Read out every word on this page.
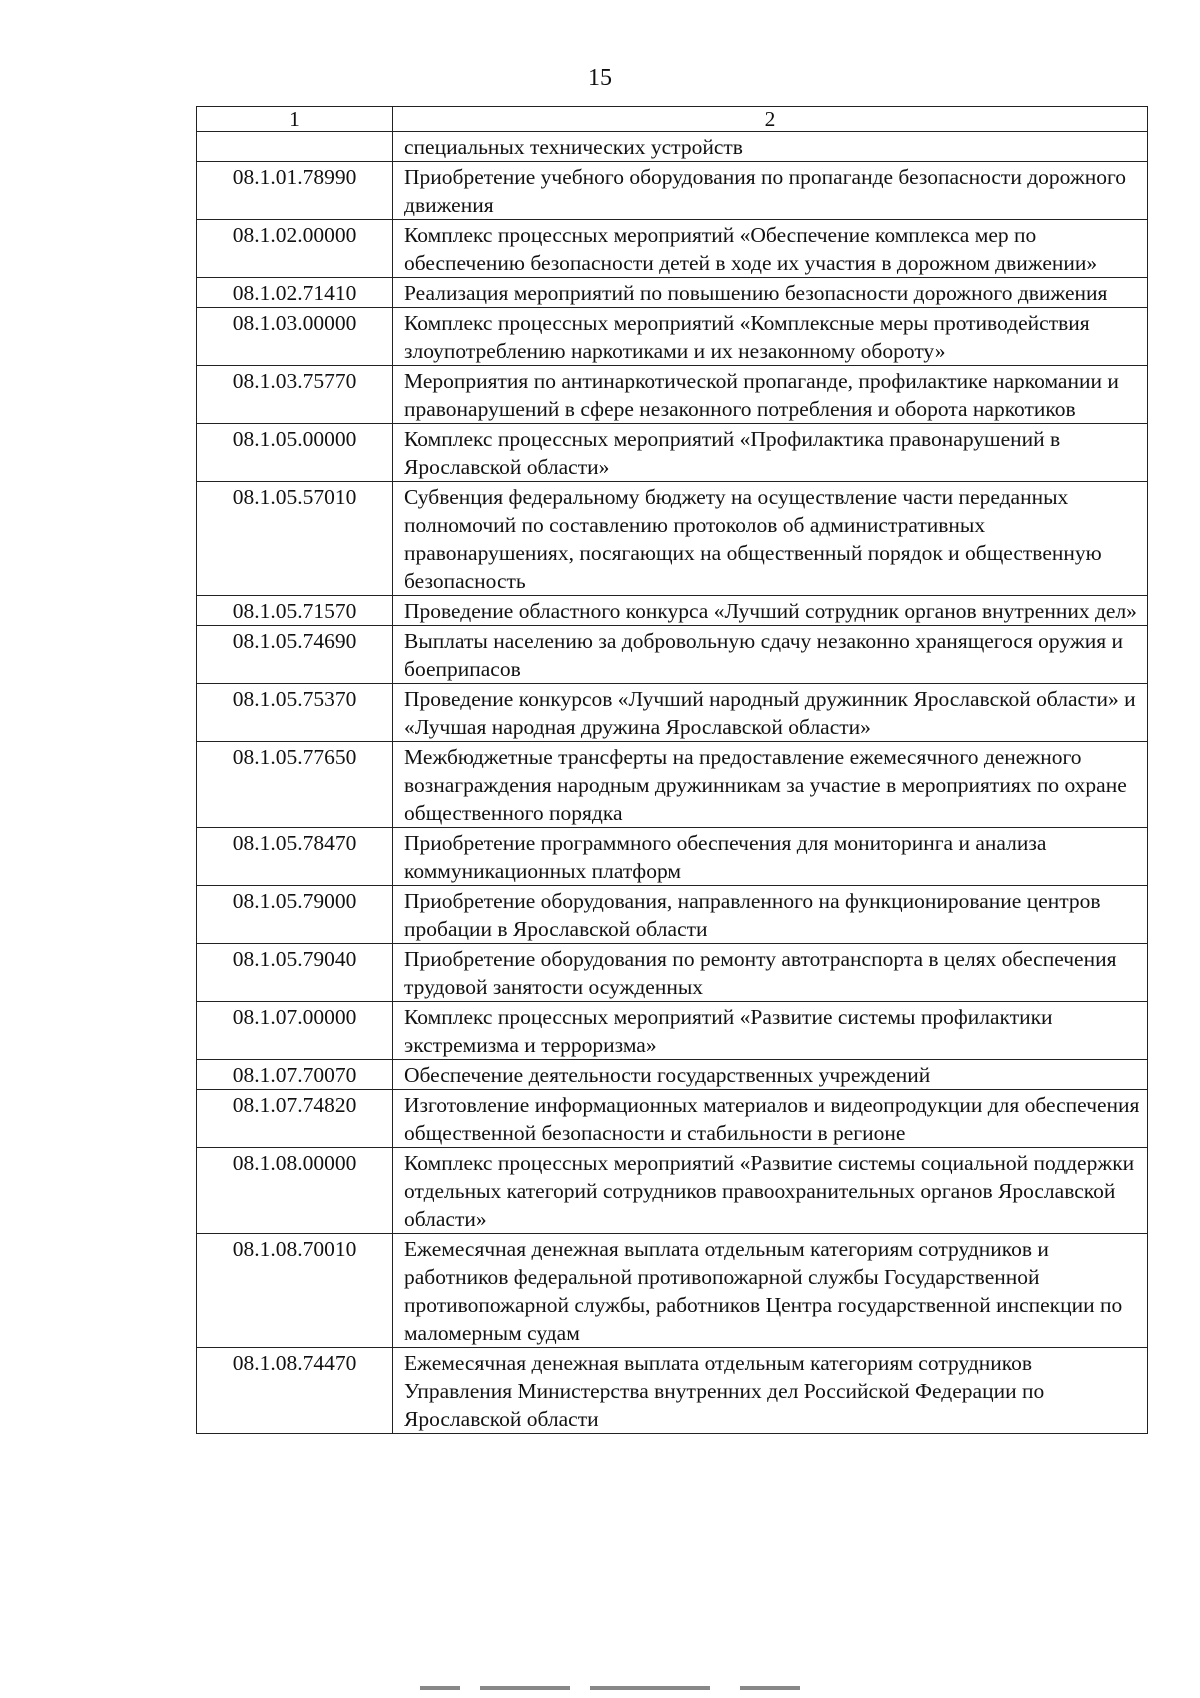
15
1	2
	специальных технических устройств
08.1.01.78990	Приобретение учебного оборудования по пропаганде безопасности дорожного движения
08.1.02.00000	Комплекс процессных мероприятий «Обеспечение комплекса мер по обеспечению безопасности детей в ходе их участия в дорожном движении»
08.1.02.71410	Реализация мероприятий по повышению безопасности дорожного движения
08.1.03.00000	Комплекс процессных мероприятий «Комплексные меры противодействия злоупотреблению наркотиками и их незаконному обороту»
08.1.03.75770	Мероприятия по антинаркотической пропаганде, профилактике наркомании и правонарушений в сфере незаконного потребления и оборота наркотиков
08.1.05.00000	Комплекс процессных мероприятий «Профилактика правонарушений в Ярославской области»
08.1.05.57010	Субвенция федеральному бюджету на осуществление части переданных полномочий по составлению протоколов об административных правонарушениях, посягающих на общественный порядок и общественную безопасность
08.1.05.71570	Проведение областного конкурса «Лучший сотрудник органов внутренних дел»
08.1.05.74690	Выплаты населению за добровольную сдачу незаконно хранящегося оружия и боеприпасов
08.1.05.75370	Проведение конкурсов «Лучший народный дружинник Ярославской области» и «Лучшая народная дружина Ярославской области»
08.1.05.77650	Межбюджетные трансферты на предоставление ежемесячного денежного вознаграждения народным дружинникам за участие в мероприятиях по охране общественного порядка
08.1.05.78470	Приобретение программного обеспечения для мониторинга и анализа коммуникационных платформ
08.1.05.79000	Приобретение оборудования, направленного на функционирование центров пробации в Ярославской области
08.1.05.79040	Приобретение оборудования по ремонту автотранспорта в целях обеспечения трудовой занятости осужденных
08.1.07.00000	Комплекс процессных мероприятий «Развитие системы профилактики экстремизма и терроризма»
08.1.07.70070	Обеспечение деятельности государственных учреждений
08.1.07.74820	Изготовление информационных материалов и видеопродукции для обеспечения общественной безопасности и стабильности в регионе
08.1.08.00000	Комплекс процессных мероприятий «Развитие системы социальной поддержки отдельных категорий сотрудников правоохранительных органов Ярославской области»
08.1.08.70010	Ежемесячная денежная выплата отдельным категориям сотрудников и работников федеральной противопожарной службы Государственной противопожарной службы, работников Центра государственной инспекции по маломерным судам
08.1.08.74470	Ежемесячная денежная выплата отдельным категориям сотрудников Управления Министерства внутренних дел Российской Федерации по Ярославской области
